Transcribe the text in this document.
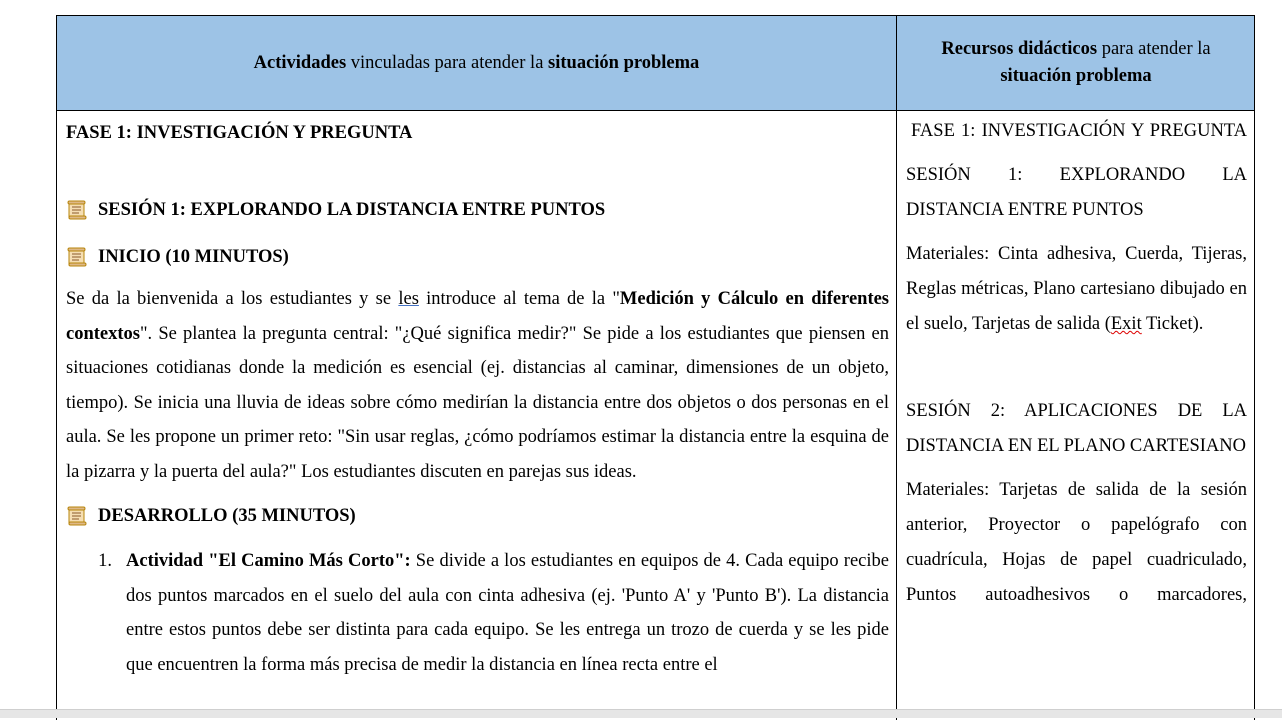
Actividades vinculadas para atender la situación problema
Recursos didácticos para atender la situación problema
FASE 1: INVESTIGACIÓN Y PREGUNTA
SESIÓN 1: EXPLORANDO LA DISTANCIA ENTRE PUNTOS
INICIO (10 MINUTOS)

Se da la bienvenida a los estudiantes y se les introduce al tema de la "Medición y Cálculo en diferentes contextos". Se plantea la pregunta central: "¿Qué significa medir?" Se pide a los estudiantes que piensen en situaciones cotidianas donde la medición es esencial (ej. distancias al caminar, dimensiones de un objeto, tiempo). Se inicia una lluvia de ideas sobre cómo medirían la distancia entre dos objetos o dos personas en el aula. Se les propone un primer reto: "Sin usar reglas, ¿cómo podríamos estimar la distancia entre la esquina de la pizarra y la puerta del aula?" Los estudiantes discuten en parejas sus ideas.

DESARROLLO (35 MINUTOS)
1. Actividad "El Camino Más Corto": Se divide a los estudiantes en equipos de 4. Cada equipo recibe dos puntos marcados en el suelo del aula con cinta adhesiva (ej. 'Punto A' y 'Punto B'). La distancia entre estos puntos debe ser distinta para cada equipo. Se les entrega un trozo de cuerda y se les pide que encuentren la forma más precisa de medir la distancia en línea recta entre el

FASE 1: INVESTIGACIÓN Y PREGUNTA

SESIÓN 1: EXPLORANDO LA DISTANCIA ENTRE PUNTOS

Materiales: Cinta adhesiva, Cuerda, Tijeras, Reglas métricas, Plano cartesiano dibujado en el suelo, Tarjetas de salida (Exit Ticket).

SESIÓN 2: APLICACIONES DE LA DISTANCIA EN EL PLANO CARTESIANO

Materiales: Tarjetas de salida de la sesión anterior, Proyector o papelógrafo con cuadrícula, Hojas de papel cuadriculado, Puntos autoadhesivos o marcadores,
